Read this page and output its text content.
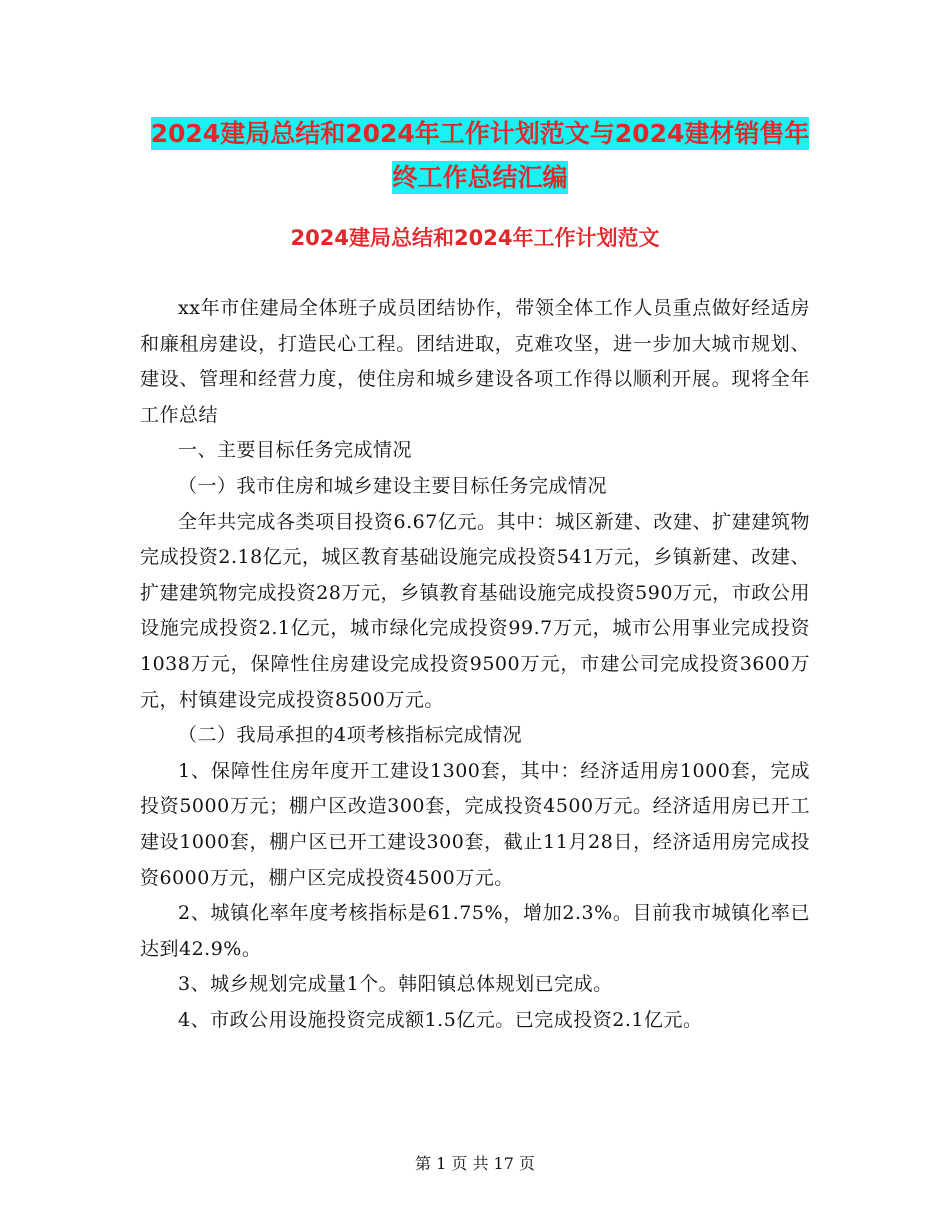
2024建局总结和2024年工作计划范文与2024建材销售年终工作总结汇编
2024建局总结和2024年工作计划范文

xx年市住建局全体班子成员团结协作，带领全体工作人员重点做好经适房和廉租房建设，打造民心工程。团结进取，克难攻坚，进一步加大城市规划、建设、管理和经营力度，使住房和城乡建设各项工作得以顺利开展。现将全年工作总结

一、主要目标任务完成情况

（一）我市住房和城乡建设主要目标任务完成情况

全年共完成各类项目投资6.67亿元。其中：城区新建、改建、扩建建筑物完成投资2.18亿元，城区教育基础设施完成投资541万元，乡镇新建、改建、扩建建筑物完成投资28万元，乡镇教育基础设施完成投资590万元，市政公用设施完成投资2.1亿元，城市绿化完成投资99.7万元，城市公用事业完成投资1038万元，保障性住房建设完成投资9500万元，市建公司完成投资3600万元，村镇建设完成投资8500万元。

（二）我局承担的4项考核指标完成情况

1、保障性住房年度开工建设1300套，其中：经济适用房1000套，完成投资5000万元；棚户区改造300套，完成投资4500万元。经济适用房已开工建设1000套，棚户区已开工建设300套，截止11月28日，经济适用房完成投资6000万元，棚户区完成投资4500万元。

2、城镇化率年度考核指标是61.75%，增加2.3%。目前我市城镇化率已达到42.9%。

3、城乡规划完成量1个。韩阳镇总体规划已完成。

4、市政公用设施投资完成额1.5亿元。已完成投资2.1亿元。

第 1 页 共 17 页
